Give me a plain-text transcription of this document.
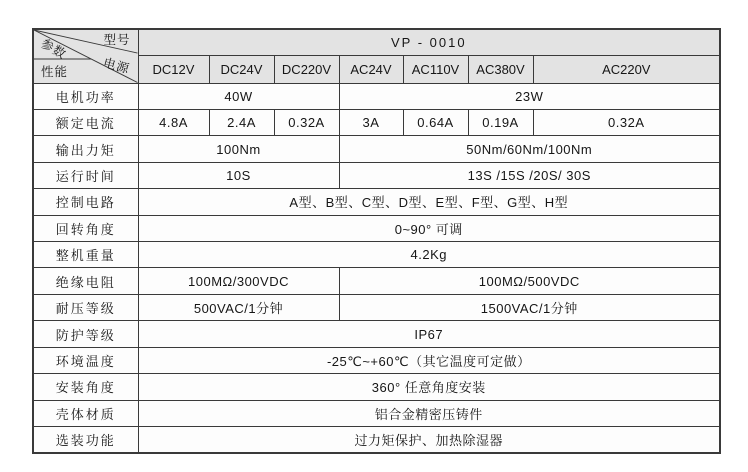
型号
电源
参数
性能	VP - 0010						
	DC12V	DC24V	DC220V	AC24V	AC110V	AC380V	AC220V
电机功率	40W			23W			
额定电流	4.8A	2.4A	0.32A	3A	0.64A	0.19A	0.32A
输出力矩	100Nm			50Nm/60Nm/100Nm			
运行时间	10S			13S /15S /20S/ 30S			
控制电路	A型、B型、C型、D型、E型、F型、G型、H型						
回转角度	0~90° 可调						
整机重量	4.2Kg						
绝缘电阻	100MΩ/300VDC			100MΩ/500VDC			
耐压等级	500VAC/1分钟			1500VAC/1分钟			
防护等级	IP67						
环境温度	-25℃~+60℃（其它温度可定做）						
安装角度	360° 任意角度安装						
壳体材质	铝合金精密压铸件						
选装功能	过力矩保护、加热除湿器						
